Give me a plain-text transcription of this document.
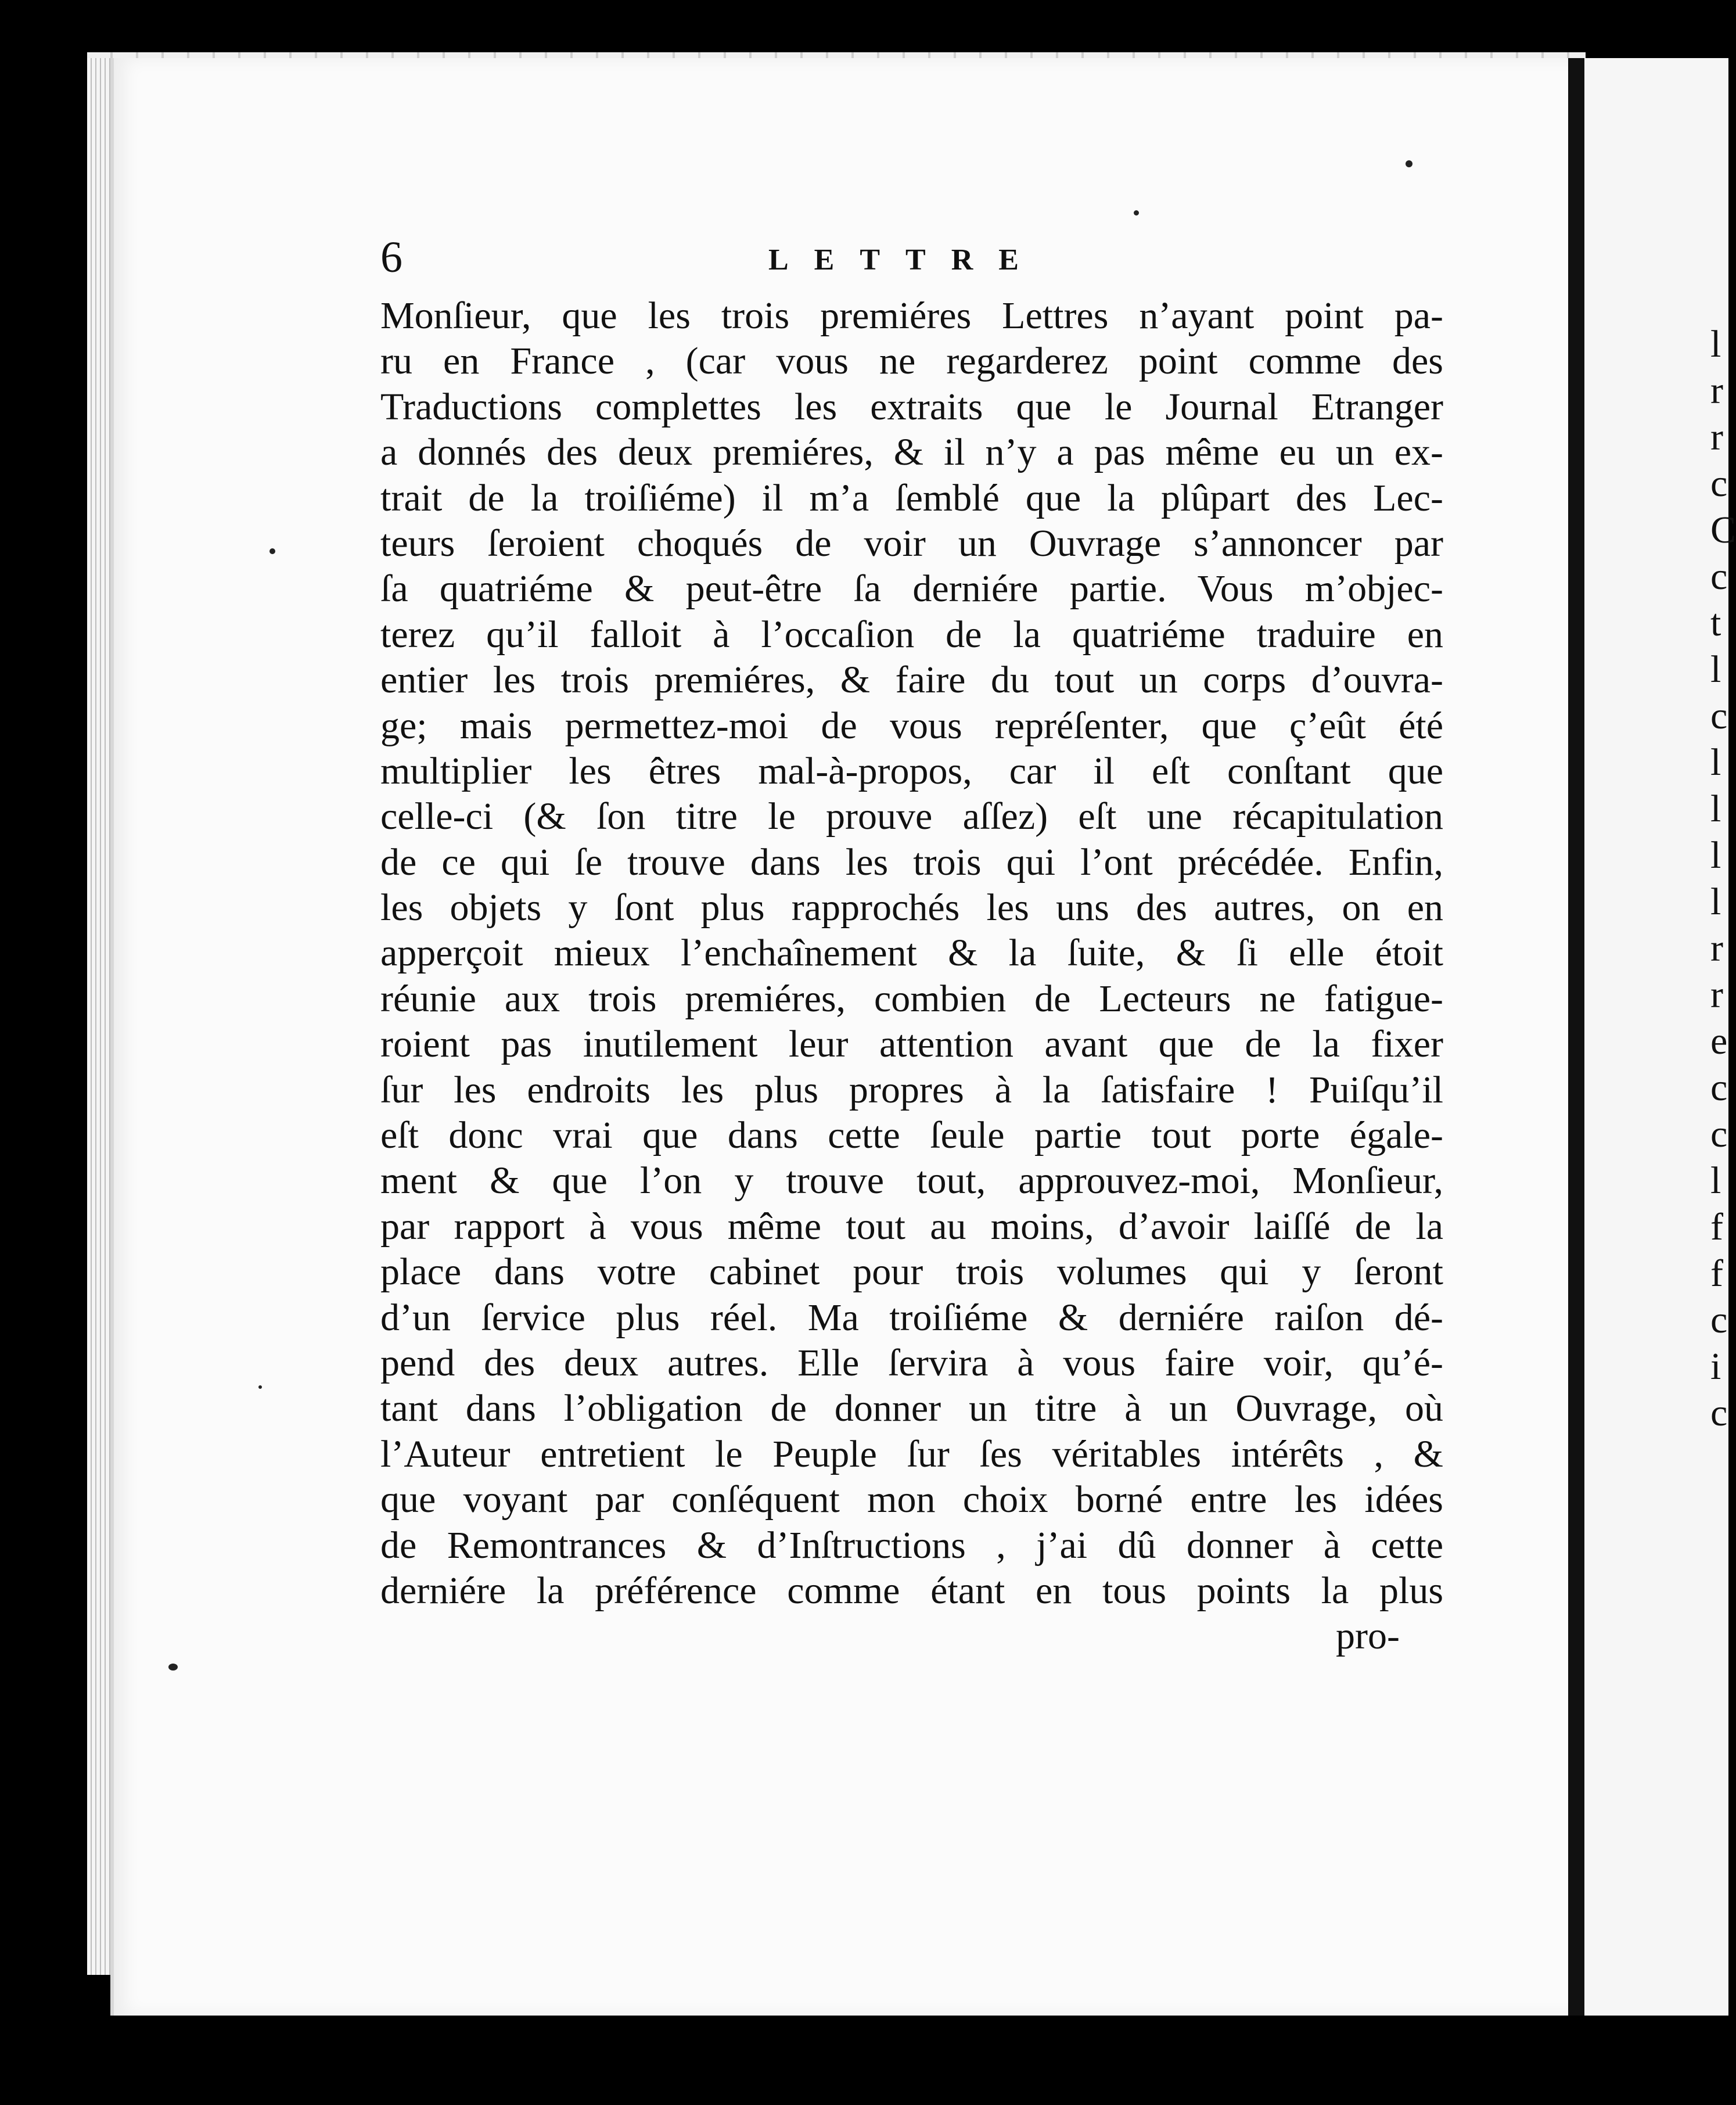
l
r
r
c
C
c
t
l
c
l
l
l
l
r
r
e
c
c
l
f
f
c
i
c
6	LETTRE
Monſieur, que les trois premiéres Lettres n’ayant point pa-
ru en France , (car vous ne regarderez point comme des
Traductions complettes les extraits que le Journal Etranger
a donnés des deux premiéres, & il n’y a pas même eu un ex-
trait de la troiſiéme) il m’a ſemblé que la plûpart des Lec-
teurs ſeroient choqués de voir un Ouvrage s’annoncer par
ſa quatriéme & peut-être ſa derniére partie. Vous m’objec-
terez qu’il falloit à l’occaſion de la quatriéme traduire en
entier les trois premiéres, & faire du tout un corps d’ouvra-
ge; mais permettez-moi de vous repréſenter, que ç’eût été
multiplier les êtres mal-à-propos, car il eſt conſtant que
celle-ci (& ſon titre le prouve aſſez) eſt une récapitulation
de ce qui ſe trouve dans les trois qui l’ont précédée. Enfin,
les objets y ſont plus rapprochés les uns des autres, on en
apperçoit mieux l’enchaînement & la ſuite, & ſi elle étoit
réunie aux trois premiéres, combien de Lecteurs ne fatigue-
roient pas inutilement leur attention avant que de la fixer
ſur les endroits les plus propres à la ſatisfaire ! Puiſqu’il
eſt donc vrai que dans cette ſeule partie tout porte égale-
ment & que l’on y trouve tout, approuvez-moi, Monſieur,
par rapport à vous même tout au moins, d’avoir laiſſé de la
place dans votre cabinet pour trois volumes qui y ſeront
d’un ſervice plus réel. Ma troiſiéme & derniére raiſon dé-
pend des deux autres. Elle ſervira à vous faire voir, qu’é-
tant dans l’obligation de donner un titre à un Ouvrage, où
l’Auteur entretient le Peuple ſur ſes véritables intérêts , &
que voyant par conſéquent mon choix borné entre les idées
de Remontrances & d’Inſtructions , j’ai dû donner à cette
derniére la préférence comme étant en tous points la plus
pro-
